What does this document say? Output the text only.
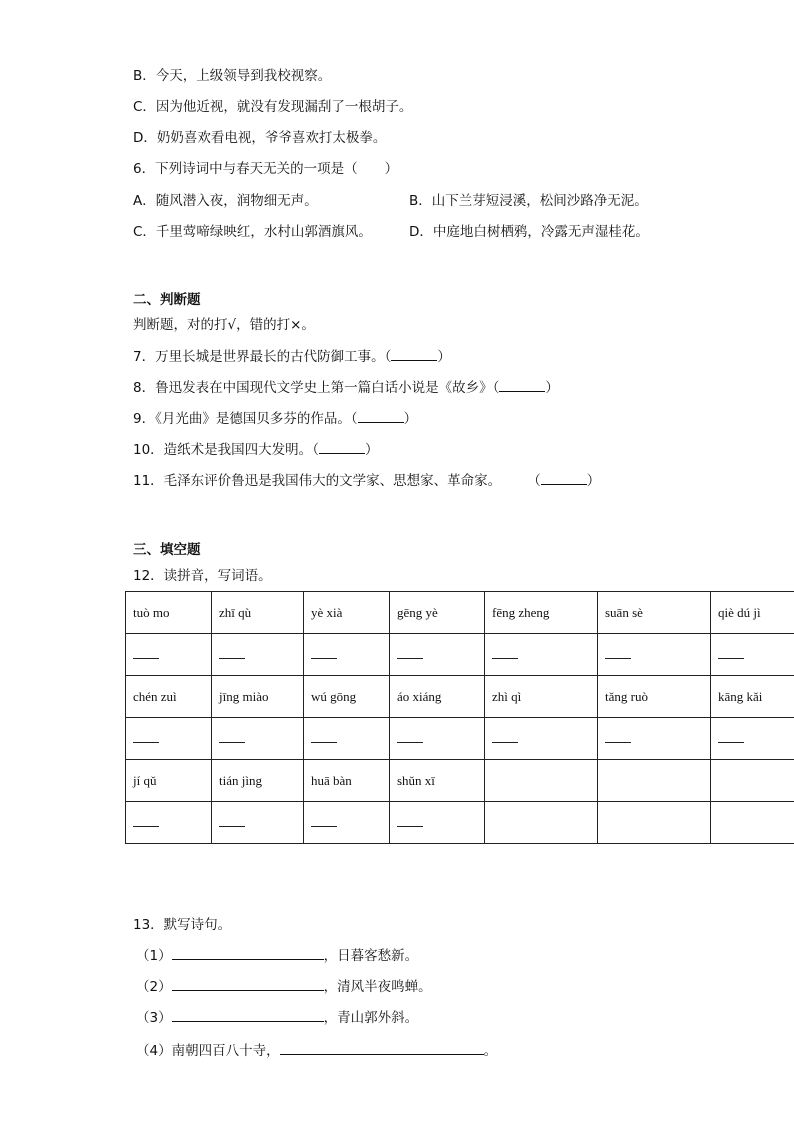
B．今天，上级领导到我校视察。
C．因为他近视，就没有发现漏刮了一根胡子。
D．奶奶喜欢看电视，爷爷喜欢打太极拳。
6．下列诗词中与春天无关的一项是（　　）
A．随风潜入夜，润物细无声。	B．山下兰芽短浸溪，松间沙路净无泥。
C．千里莺啼绿映红，水村山郭酒旗风。	D．中庭地白树栖鸦，冷露无声湿桂花。
二、判断题
判断题，对的打√，错的打×。
7．万里长城是世界最长的古代防御工事。（	）
8．鲁迅发表在中国现代文学史上第一篇白话小说是《故乡》（	）
9．《月光曲》是德国贝多芬的作品。（	）
10．造纸术是我国四大发明。（	）
11．毛泽东评价鲁迅是我国伟大的文学家、思想家、革命家。 （	）
三、填空题
12．读拼音，写词语。
tuò mo	zhī qù	yè xià	gēng yè	fēng zheng	suān sè	qiè dú jì

chén zuì	jīng miào	wú gōng	áo xiáng	zhì qì	tǎng ruò	kāng kǎi

jí qǔ	tián jìng	huā bàn	shǔn xī			

13．默写诗句。
（1）	，日暮客愁新。
（2）	，清风半夜鸣蝉。
（3）	，青山郭外斜。
（4）南朝四百八十寺，	。
